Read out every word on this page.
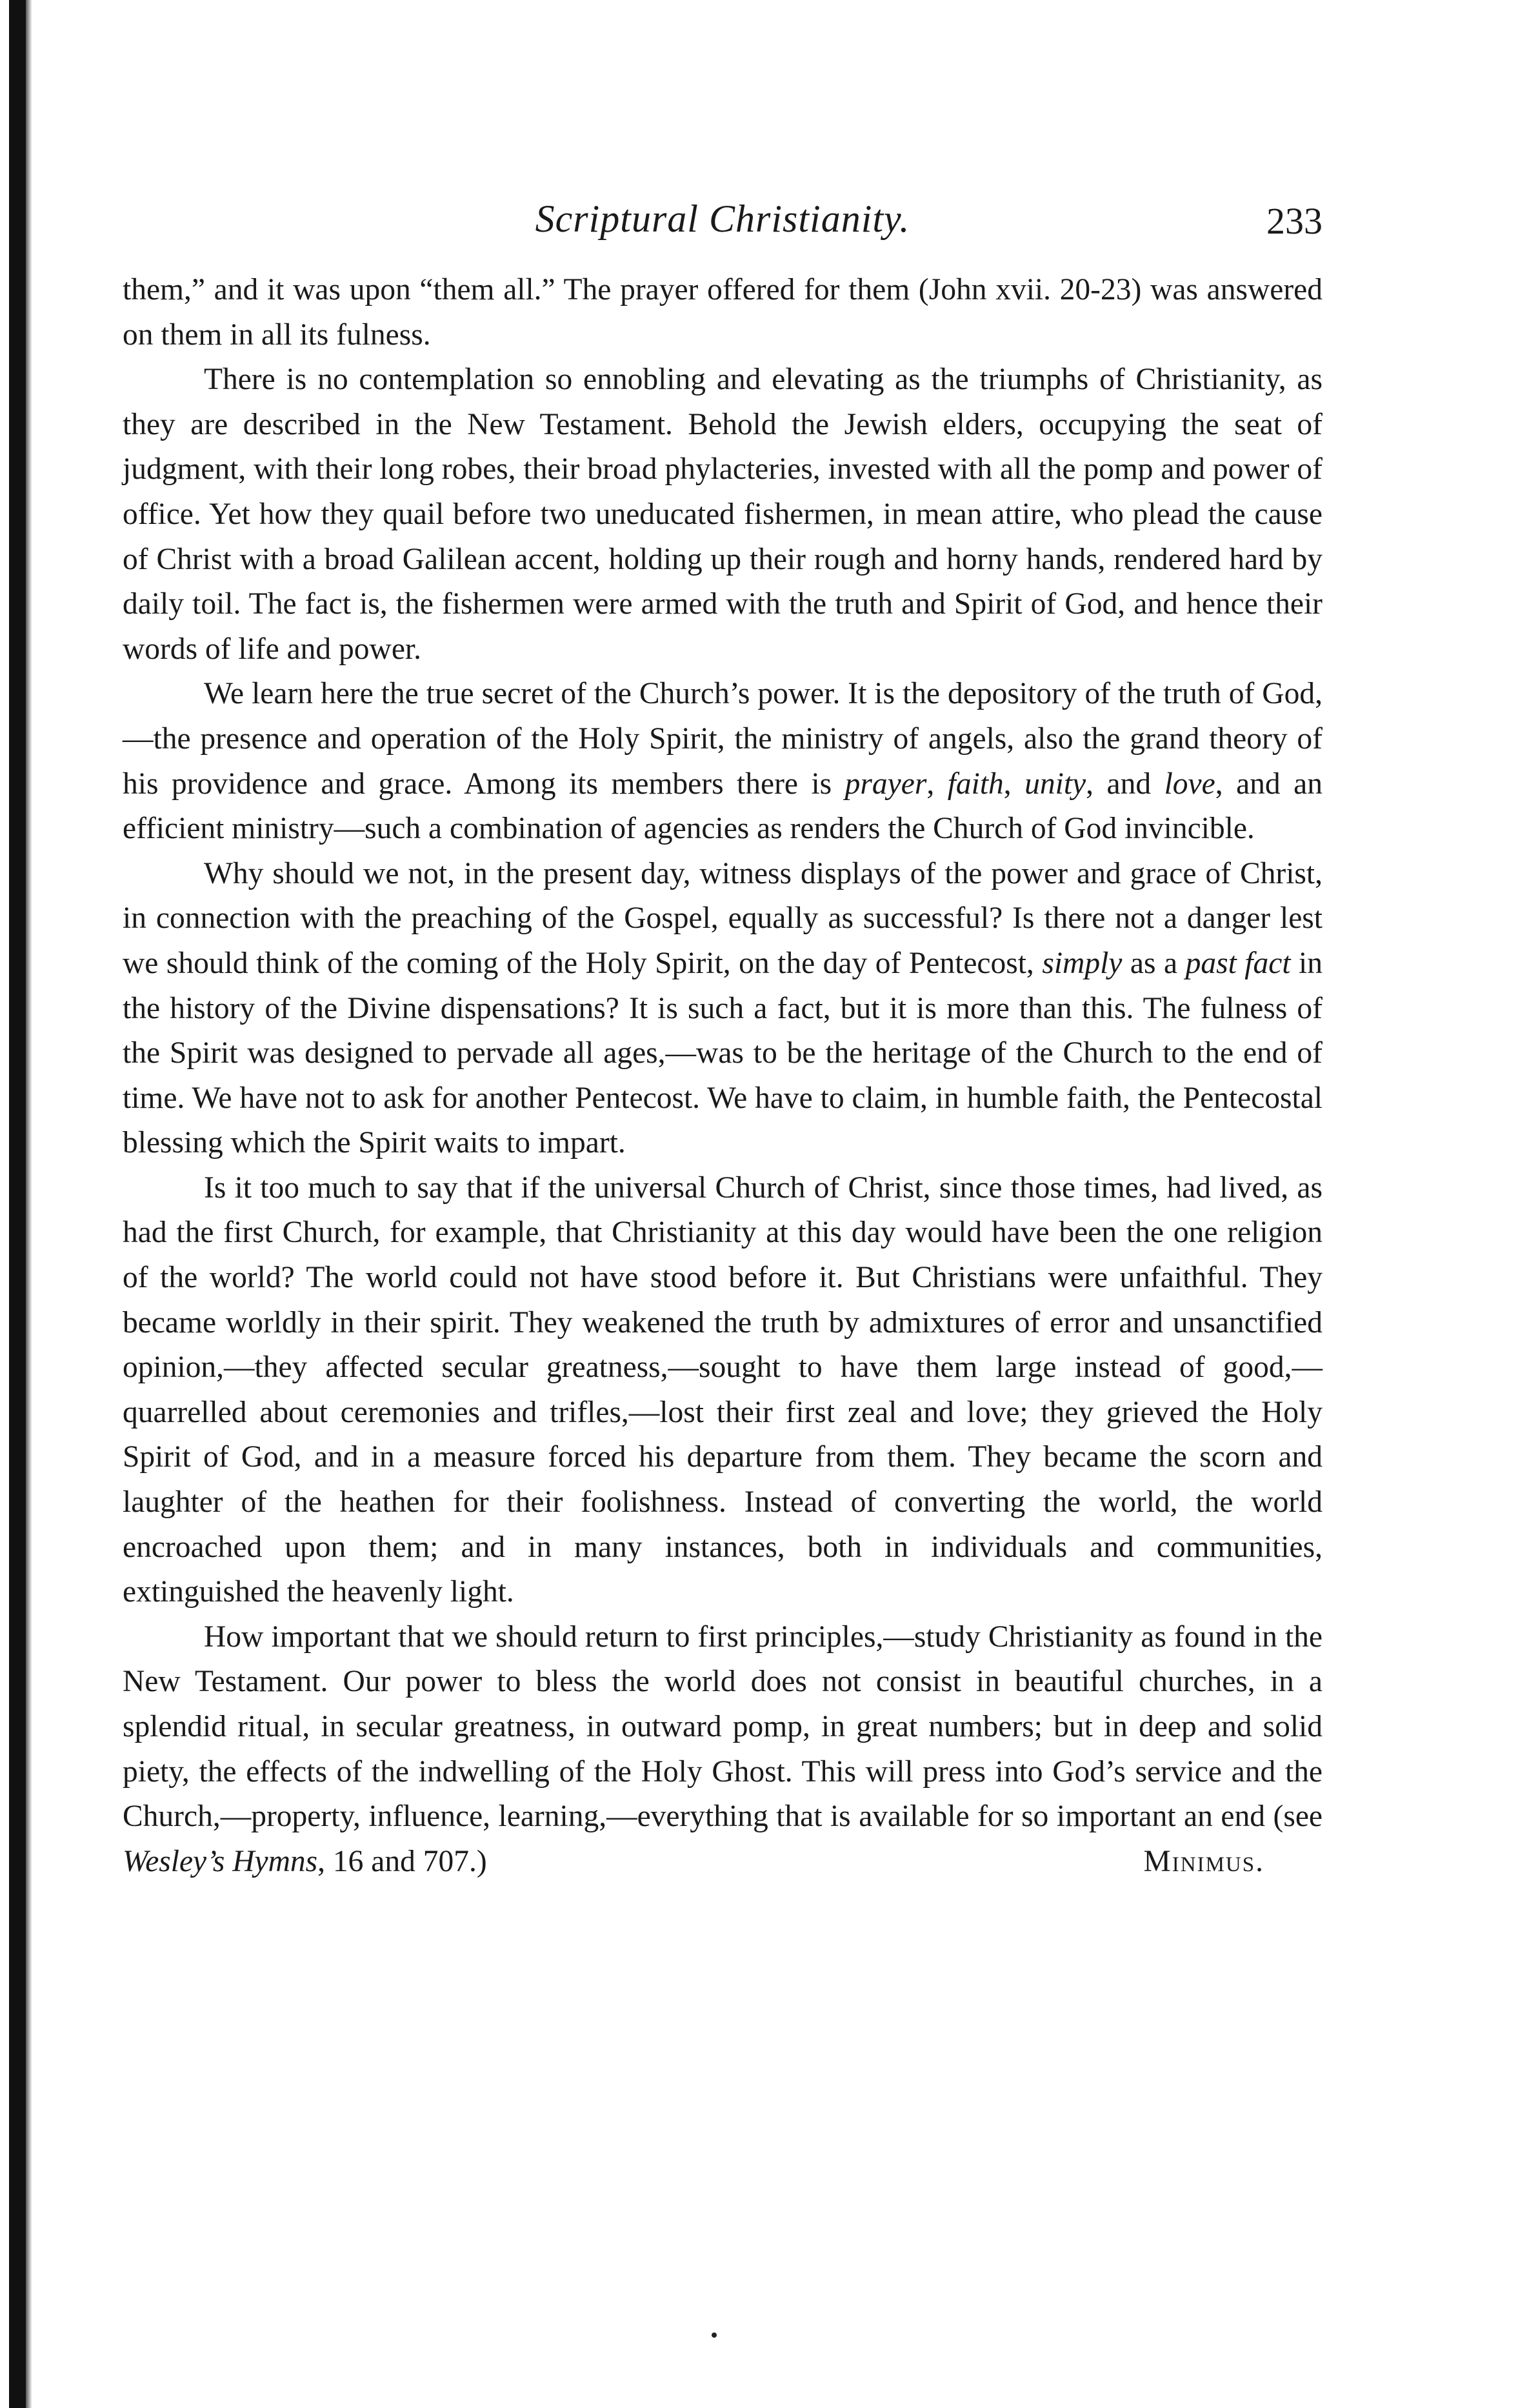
Scriptural Christianity.	233

them,” and it was upon “them all.” The prayer offered for them (John xvii. 20-23) was answered on them in all its fulness.

There is no contemplation so ennobling and elevating as the triumphs of Christianity, as they are described in the New Testament. Behold the Jewish elders, occupying the seat of judgment, with their long robes, their broad phylacteries, invested with all the pomp and power of office. Yet how they quail before two uneducated fishermen, in mean attire, who plead the cause of Christ with a broad Galilean accent, holding up their rough and horny hands, rendered hard by daily toil. The fact is, the fishermen were armed with the truth and Spirit of God, and hence their words of life and power.

We learn here the true secret of the Church’s power. It is the depository of the truth of God,—the presence and operation of the Holy Spirit, the ministry of angels, also the grand theory of his providence and grace. Among its members there is prayer, faith, unity, and love, and an efficient ministry—such a combination of agencies as renders the Church of God invincible.

Why should we not, in the present day, witness displays of the power and grace of Christ, in connection with the preaching of the Gospel, equally as successful? Is there not a danger lest we should think of the coming of the Holy Spirit, on the day of Pentecost, simply as a past fact in the history of the Divine dispensations? It is such a fact, but it is more than this. The fulness of the Spirit was designed to pervade all ages,—was to be the heritage of the Church to the end of time. We have not to ask for another Pentecost. We have to claim, in humble faith, the Pentecostal blessing which the Spirit waits to impart.

Is it too much to say that if the universal Church of Christ, since those times, had lived, as had the first Church, for example, that Christianity at this day would have been the one religion of the world? The world could not have stood before it. But Christians were unfaithful. They became worldly in their spirit. They weakened the truth by admixtures of error and unsanctified opinion,—they affected secular greatness,—sought to have them large instead of good,—quarrelled about ceremonies and trifles,—lost their first zeal and love; they grieved the Holy Spirit of God, and in a measure forced his departure from them. They became the scorn and laughter of the heathen for their foolishness. Instead of converting the world, the world encroached upon them; and in many instances, both in individuals and communities, extinguished the heavenly light.

How important that we should return to first principles,—study Christianity as found in the New Testament. Our power to bless the world does not consist in beautiful churches, in a splendid ritual, in secular greatness, in outward pomp, in great numbers; but in deep and solid piety, the effects of the indwelling of the Holy Ghost. This will press into God’s service and the Church,—property, influence, learning,—everything that is available for so important an end (see Wesley’s Hymns, 16 and 707.)	Minimus.
